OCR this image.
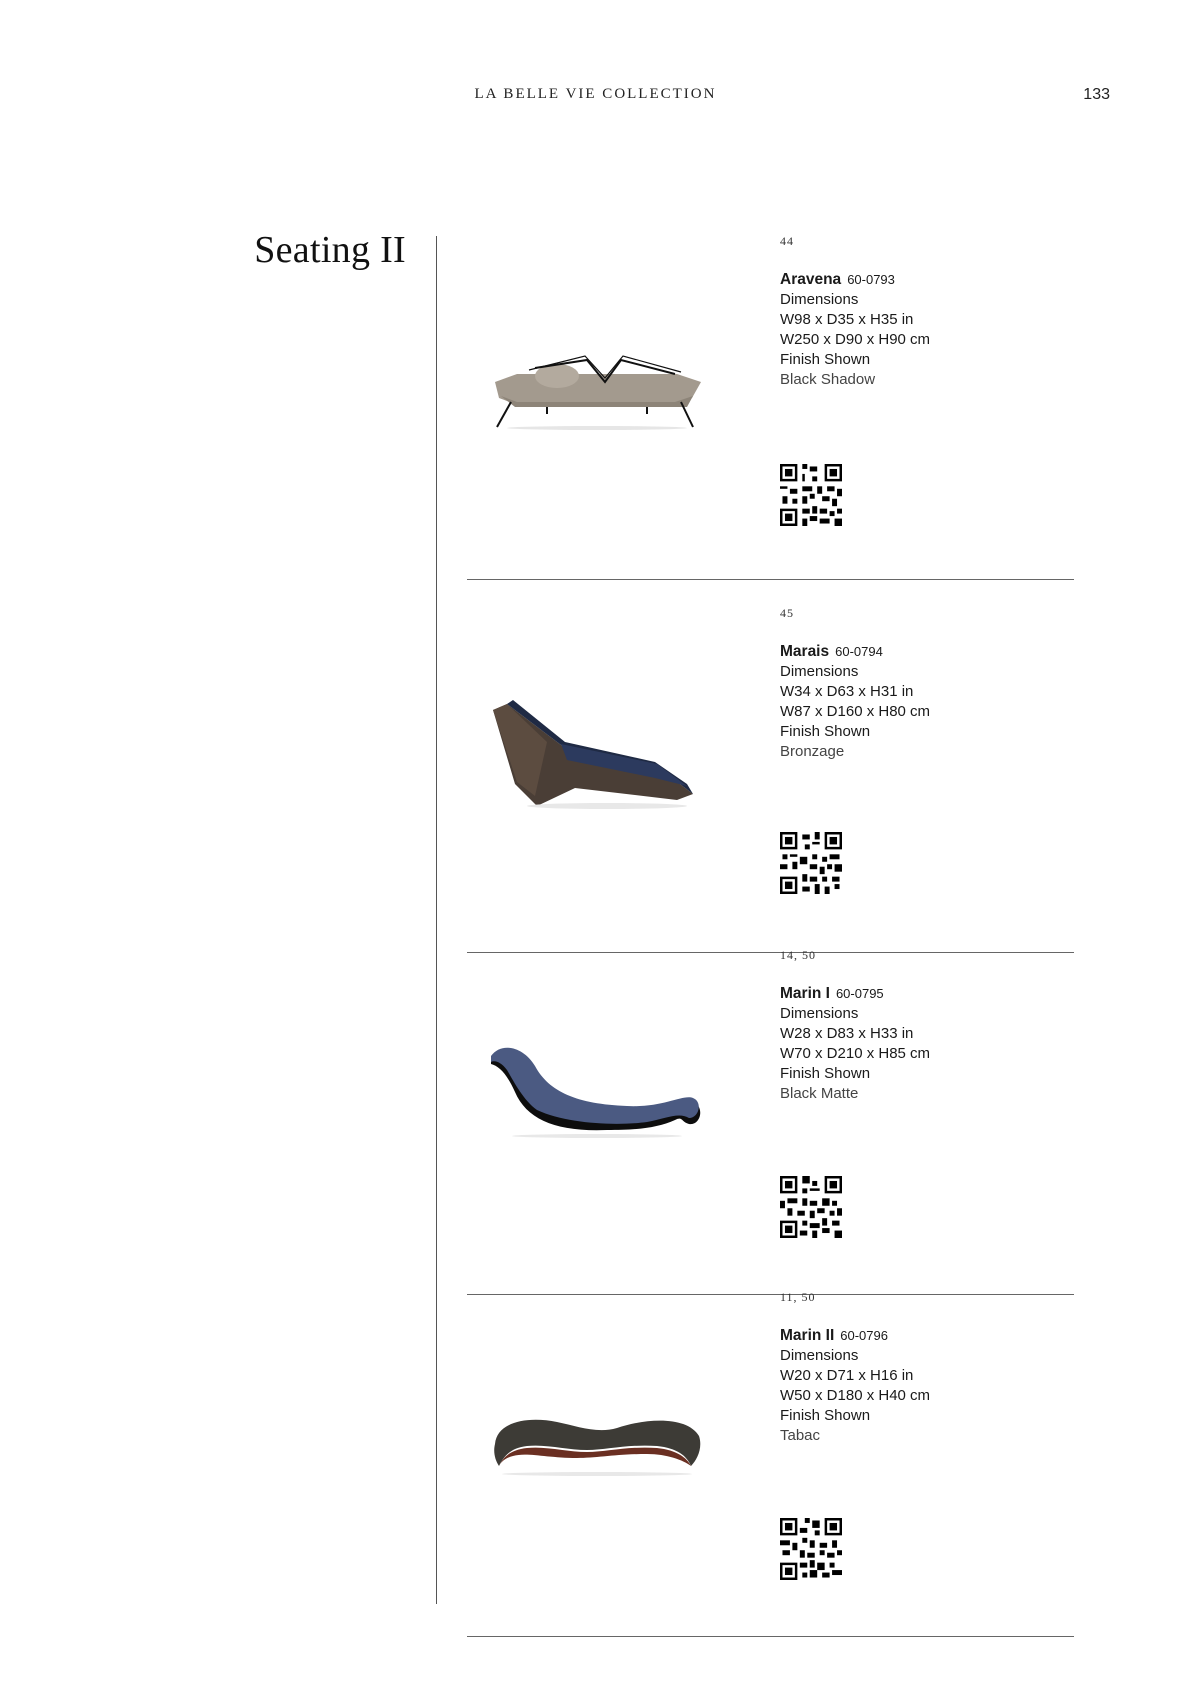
LA BELLE VIE COLLECTION	133
Seating II	44
Aravena 60-0793
Dimensions
W98 x D35 x H35 in
W250 x D90 x H90 cm
Finish Shown
Black Shadow
45
Marais 60-0794
Dimensions
W34 x D63 x H31 in
W87 x D160 x H80 cm
Finish Shown
Bronzage
14, 50
Marin I 60-0795
Dimensions
W28 x D83 x H33 in
W70 x D210 x H85 cm
Finish Shown
Black Matte
11, 50
Marin II 60-0796
Dimensions
W20 x D71 x H16 in
W50 x D180 x H40 cm
Finish Shown
Tabac
